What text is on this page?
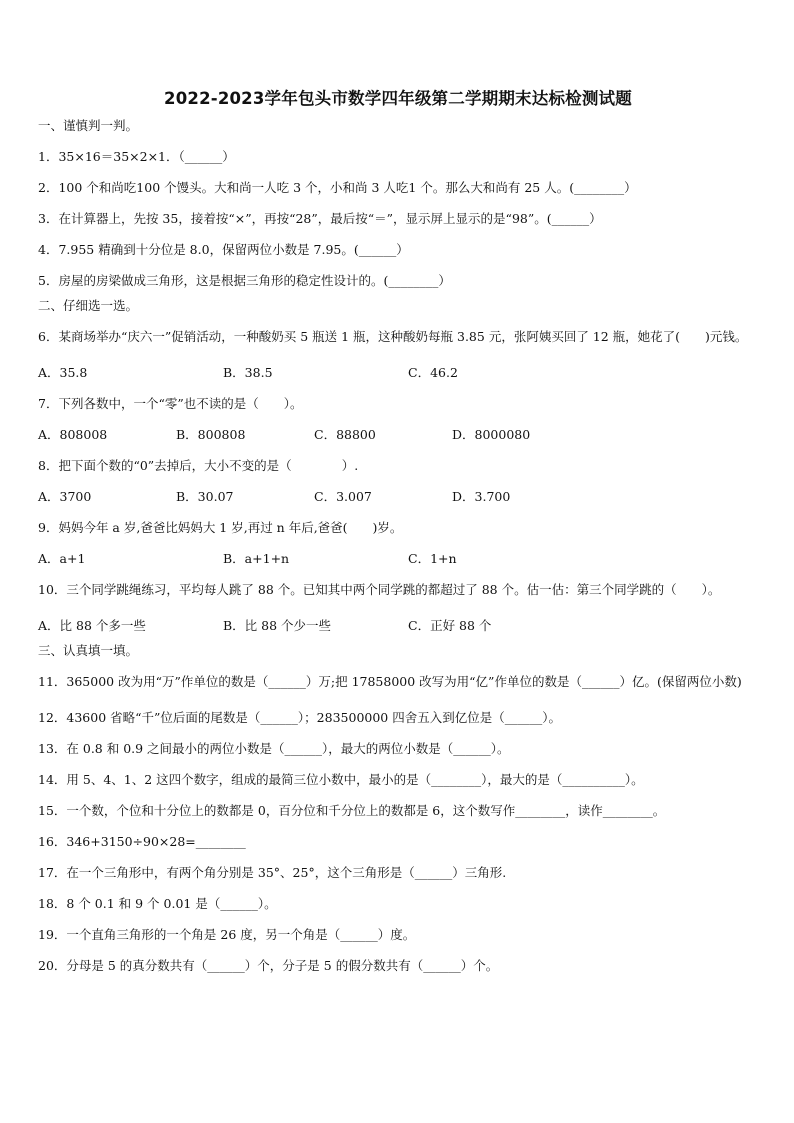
2022-2023学年包头市数学四年级第二学期期末达标检测试题
一、谨慎判一判。
1．35×16＝35×2×1．（______）
2．100 个和尚吃100 个馒头。大和尚一人吃 3 个，小和尚 3 人吃1 个。那么大和尚有 25 人。(________）
3．在计算器上，先按 35，接着按“×”，再按“28”，最后按“＝”，显示屏上显示的是“98”。(______）
4．7.955 精确到十分位是 8.0，保留两位小数是 7.95。(______）
5．房屋的房梁做成三角形，这是根据三角形的稳定性设计的。(________）
二、仔细选一选。
6．某商场举办“庆六一”促销活动，一种酸奶买 5 瓶送 1 瓶，这种酸奶每瓶 3.85 元，张阿姨买回了 12 瓶，她花了(　　)元钱。
A．35.8	B．38.5	C．46.2
7．下列各数中，一个“零”也不读的是（　　）。
A．808008	B．800808	C．88800	D．8000080
8．把下面个数的“0”去掉后，大小不变的是（　　　　）.
A．3700	B．30.07	C．3.007	D．3.700
9．妈妈今年 a 岁,爸爸比妈妈大 1 岁,再过 n 年后,爸爸(　　)岁。
A．a+1	B．a+1+n	C．1+n
10．三个同学跳绳练习，平均每人跳了 88 个。已知其中两个同学跳的都超过了 88 个。估一估：第三个同学跳的（　　）。
A．比 88 个多一些	B．比 88 个少一些	C．正好 88 个
三、认真填一填。
11．365000 改为用“万”作单位的数是（______）万;把 17858000 改写为用“亿”作单位的数是（______）亿。(保留两位小数)
12．43600 省略“千”位后面的尾数是（______）；283500000 四舍五入到亿位是（______）。
13．在 0.8 和 0.9 之间最小的两位小数是（______），最大的两位小数是（______）。
14．用 5、4、1、2 这四个数字，组成的最简三位小数中，最小的是（________），最大的是（__________）。
15．一个数，个位和十分位上的数都是 0，百分位和千分位上的数都是 6，这个数写作________，读作________。
16．346+3150÷90×28=________
17．在一个三角形中，有两个角分别是 35°、25°，这个三角形是（______）三角形.
18．8 个 0.1 和 9 个 0.01 是（______）。
19．一个直角三角形的一个角是 26 度，另一个角是（______）度。
20．分母是 5 的真分数共有（______）个，分子是 5 的假分数共有（______）个。
